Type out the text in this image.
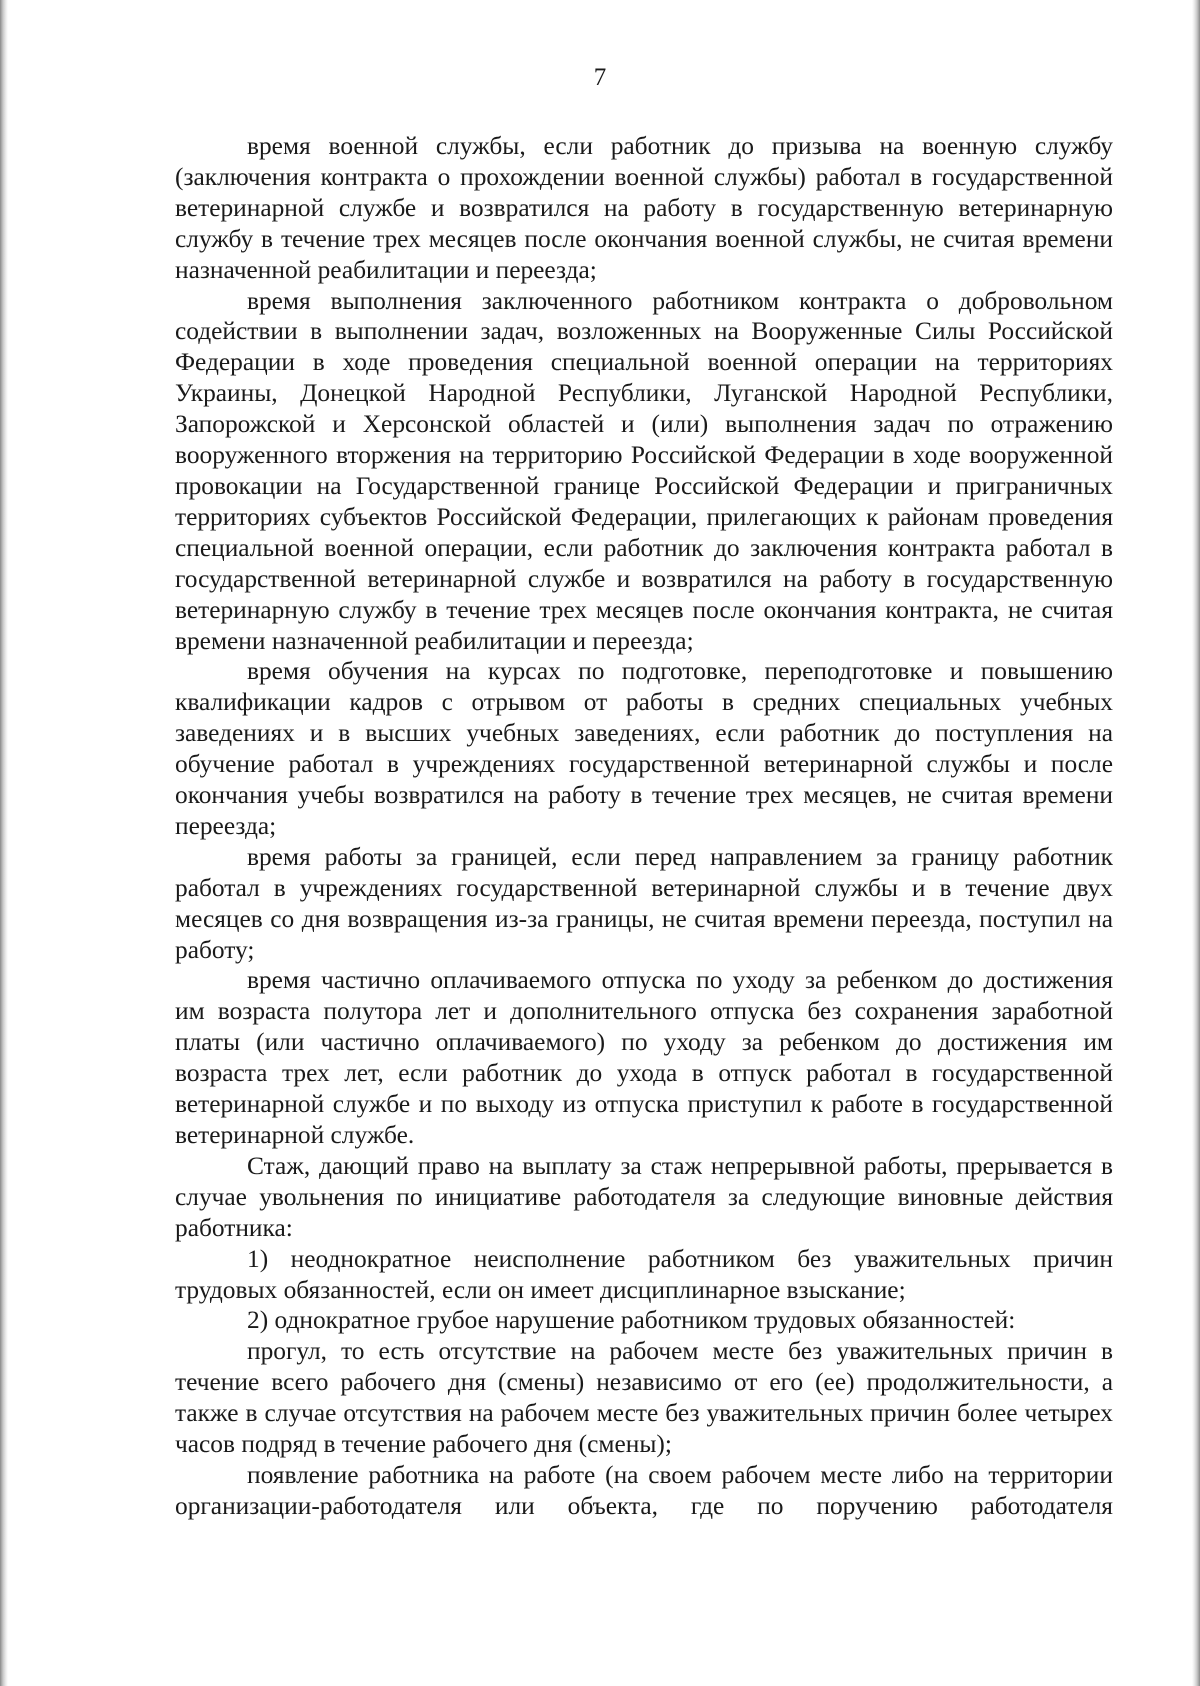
7

время военной службы, если работник до призыва на военную службу (заключения контракта о прохождении военной службы) работал в государственной ветеринарной службе и возвратился на работу в государственную ветеринарную службу в течение трех месяцев после окончания военной службы, не считая времени назначенной реабилитации и переезда;

время выполнения заключенного работником контракта о добровольном содействии в выполнении задач, возложенных на Вооруженные Силы Российской Федерации в ходе проведения специальной военной операции на территориях Украины, Донецкой Народной Республики, Луганской Народной Республики, Запорожской и Херсонской областей и (или) выполнения задач по отражению вооруженного вторжения на территорию Российской Федерации в ходе вооруженной провокации на Государственной границе Российской Федерации и приграничных территориях субъектов Российской Федерации, прилегающих к районам проведения специальной военной операции, если работник до заключения контракта работал в государственной ветеринарной службе и возвратился на работу в государственную ветеринарную службу в течение трех месяцев после окончания контракта, не считая времени назначенной реабилитации и переезда;

время обучения на курсах по подготовке, переподготовке и повышению квалификации кадров с отрывом от работы в средних специальных учебных заведениях и в высших учебных заведениях, если работник до поступления на обучение работал в учреждениях государственной ветеринарной службы и после окончания учебы возвратился на работу в течение трех месяцев, не считая времени переезда;

время работы за границей, если перед направлением за границу работник работал в учреждениях государственной ветеринарной службы и в течение двух месяцев со дня возвращения из-за границы, не считая времени переезда, поступил на работу;

время частично оплачиваемого отпуска по уходу за ребенком до достижения им возраста полутора лет и дополнительного отпуска без сохранения заработной платы (или частично оплачиваемого) по уходу за ребенком до достижения им возраста трех лет, если работник до ухода в отпуск работал в государственной ветеринарной службе и по выходу из отпуска приступил к работе в государственной ветеринарной службе.

Стаж, дающий право на выплату за стаж непрерывной работы, прерывается в случае увольнения по инициативе работодателя за следующие виновные действия работника:

1) неоднократное неисполнение работником без уважительных причин трудовых обязанностей, если он имеет дисциплинарное взыскание;

2) однократное грубое нарушение работником трудовых обязанностей:

прогул, то есть отсутствие на рабочем месте без уважительных причин в течение всего рабочего дня (смены) независимо от его (ее) продолжительности, а также в случае отсутствия на рабочем месте без уважительных причин более четырех часов подряд в течение рабочего дня (смены);

появление работника на работе (на своем рабочем месте либо на территории организации-работодателя или объекта, где по поручению работодателя
